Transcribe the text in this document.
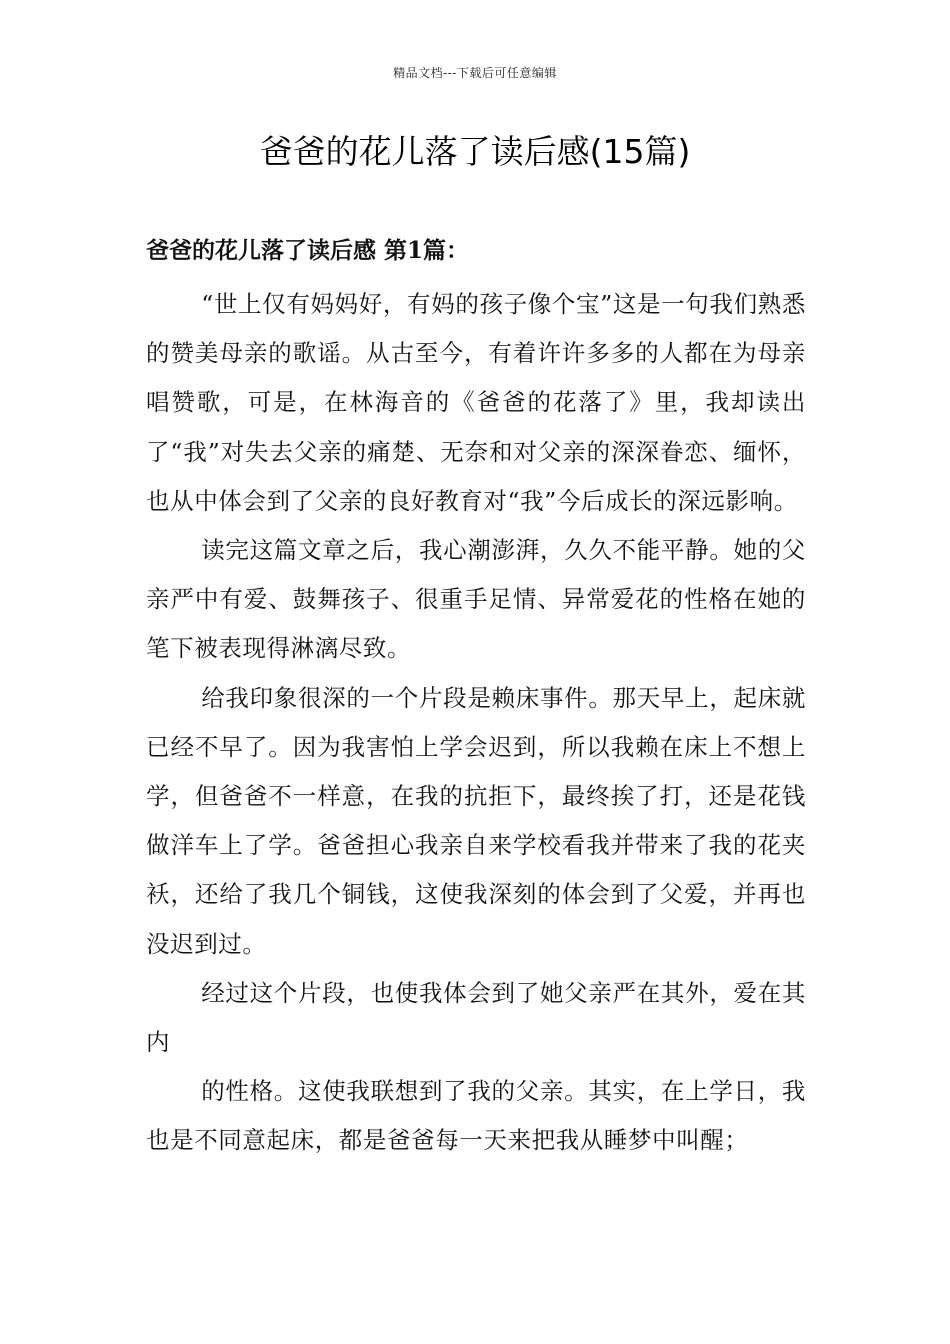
精品文档---下载后可任意编辑
爸爸的花儿落了读后感(15篇)
爸爸的花儿落了读后感 第1篇：

“世上仅有妈妈好，有妈的孩子像个宝”这是一句我们熟悉的赞美母亲的歌谣。从古至今，有着许许多多的人都在为母亲唱赞歌，可是，在林海音的《爸爸的花落了》里，我却读出了“我”对失去父亲的痛楚、无奈和对父亲的深深眷恋、缅怀，也从中体会到了父亲的良好教育对“我”今后成长的深远影响。

读完这篇文章之后，我心潮澎湃，久久不能平静。她的父亲严中有爱、鼓舞孩子、很重手足情、异常爱花的性格在她的笔下被表现得淋漓尽致。

给我印象很深的一个片段是赖床事件。那天早上，起床就已经不早了。因为我害怕上学会迟到，所以我赖在床上不想上学，但爸爸不一样意，在我的抗拒下，最终挨了打，还是花钱做洋车上了学。爸爸担心我亲自来学校看我并带来了我的花夹袄，还给了我几个铜钱，这使我深刻的体会到了父爱，并再也没迟到过。

经过这个片段，也使我体会到了她父亲严在其外，爱在其内

的性格。这使我联想到了我的父亲。其实，在上学日，我也是不同意起床，都是爸爸每一天来把我从睡梦中叫醒；
